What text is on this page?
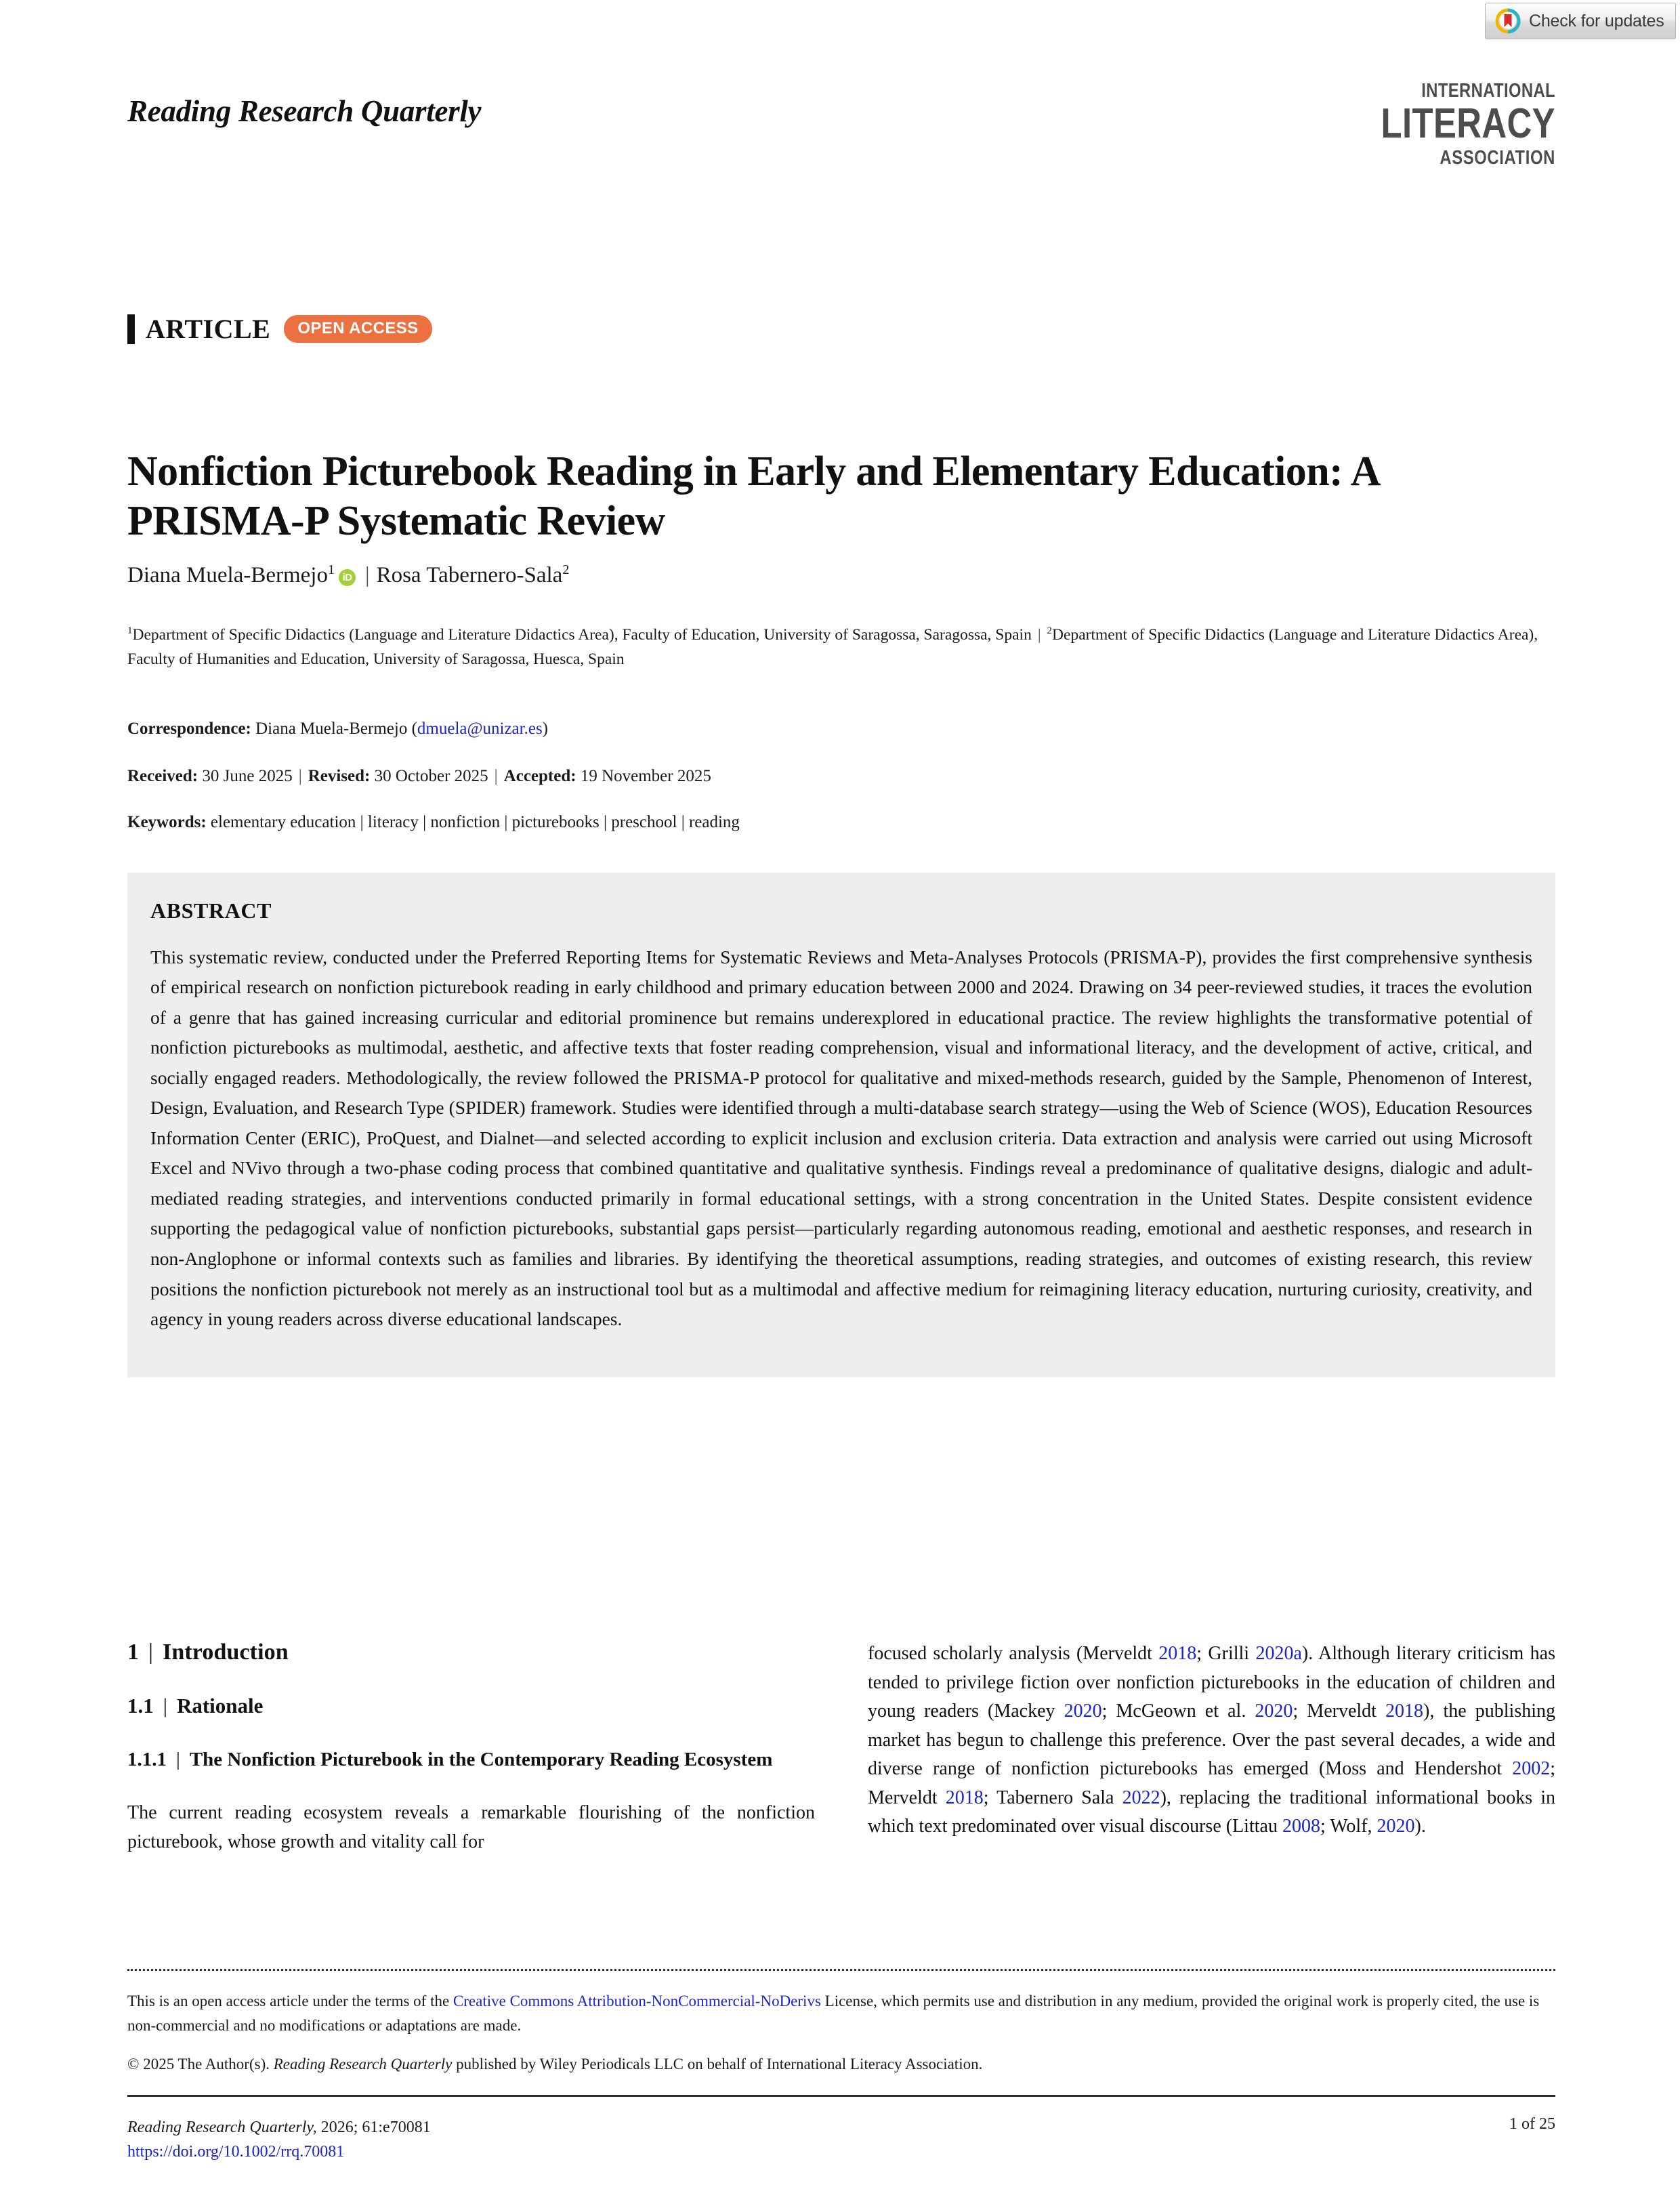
Check for updates
Reading Research Quarterly
INTERNATIONAL
LITERACY
ASSOCIATION
ARTICLE	OPEN ACCESS
Nonfiction Picturebook Reading in Early and Elementary Education: A PRISMA-P Systematic Review
Diana Muela-Bermejo$^1$iD | Rosa Tabernero-Sala$^2$
$^1$Department of Specific Didactics (Language and Literature Didactics Area), Faculty of Education, University of Saragossa, Saragossa, Spain | $^2$Department of Specific Didactics (Language and Literature Didactics Area), Faculty of Humanities and Education, University of Saragossa, Huesca, Spain
Correspondence: Diana Muela-Bermejo (dmuela@unizar.es)
Received: 30 June 2025 | Revised: 30 October 2025 | Accepted: 19 November 2025
Keywords: elementary education | literacy | nonfiction | picturebooks | preschool | reading
ABSTRACT

This systematic review, conducted under the Preferred Reporting Items for Systematic Reviews and Meta-Analyses Protocols (PRISMA-P), provides the first comprehensive synthesis of empirical research on nonfiction picturebook reading in early childhood and primary education between 2000 and 2024. Drawing on 34 peer-reviewed studies, it traces the evolution of a genre that has gained increasing curricular and editorial prominence but remains underexplored in educational practice. The review highlights the transformative potential of nonfiction picturebooks as multimodal, aesthetic, and affective texts that foster reading comprehension, visual and informational literacy, and the development of active, critical, and socially engaged readers. Methodologically, the review followed the PRISMA-P protocol for qualitative and mixed-methods research, guided by the Sample, Phenomenon of Interest, Design, Evaluation, and Research Type (SPIDER) framework. Studies were identified through a multi-database search strategy—using the Web of Science (WOS), Education Resources Information Center (ERIC), ProQuest, and Dialnet—and selected according to explicit inclusion and exclusion criteria. Data extraction and analysis were carried out using Microsoft Excel and NVivo through a two-phase coding process that combined quantitative and qualitative synthesis. Findings reveal a predominance of qualitative designs, dialogic and adult-mediated reading strategies, and interventions conducted primarily in formal educational settings, with a strong concentration in the United States. Despite consistent evidence supporting the pedagogical value of nonfiction picturebooks, substantial gaps persist—particularly regarding autonomous reading, emotional and aesthetic responses, and research in non-Anglophone or informal contexts such as families and libraries. By identifying the theoretical assumptions, reading strategies, and outcomes of existing research, this review positions the nonfiction picturebook not merely as an instructional tool but as a multimodal and affective medium for reimagining literacy education, nurturing curiosity, creativity, and agency in young readers across diverse educational landscapes.

1 | Introduction
1.1 | Rationale
1.1.1 | The Nonfiction Picturebook in the Contemporary Reading Ecosystem

The current reading ecosystem reveals a remarkable flourishing of the nonfiction picturebook, whose growth and vitality call for

focused scholarly analysis (Merveldt 2018; Grilli 2020a). Although literary criticism has tended to privilege fiction over nonfiction picturebooks in the education of children and young readers (Mackey 2020; McGeown et al. 2020; Merveldt 2018), the publishing market has begun to challenge this preference. Over the past several decades, a wide and diverse range of nonfiction picturebooks has emerged (Moss and Hendershot 2002; Merveldt 2018; Tabernero Sala 2022), replacing the traditional informational books in which text predominated over visual discourse (Littau 2008; Wolf, 2020).

This is an open access article under the terms of the Creative Commons Attribution-NonCommercial-NoDerivs License, which permits use and distribution in any medium, provided the original work is properly cited, the use is non-commercial and no modifications or adaptations are made.
© 2025 The Author(s). Reading Research Quarterly published by Wiley Periodicals LLC on behalf of International Literacy Association.
Reading Research Quarterly, 2026; 61:e70081
https://doi.org/10.1002/rrq.70081
1 of 25
